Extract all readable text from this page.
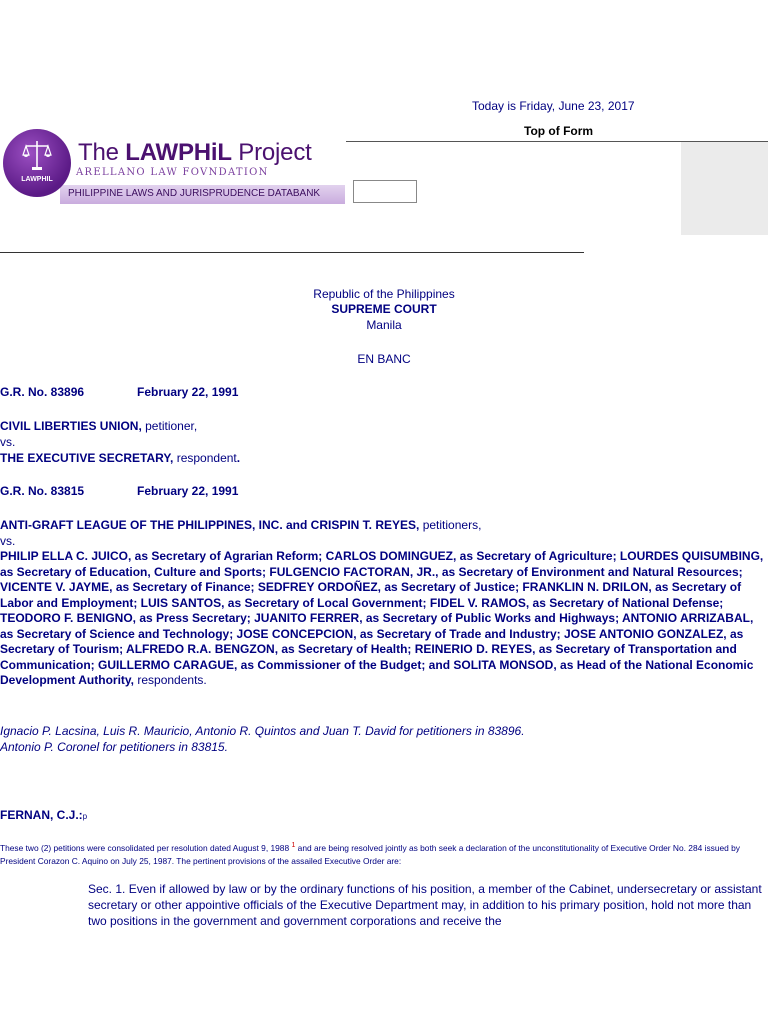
Today is Friday, June 23, 2017
Top of Form
PHILIPPINE LAWS AND JURISPRUDENCE DATABANK
LAWPHIL
The LAWPHiL Project
ARELLANO LAW FOVNDATION
Republic of the Philippines
SUPREME COURT
Manila
EN BANC
G.R. No. 83896	February 22, 1991
CIVIL LIBERTIES UNION, petitioner,
vs.
THE EXECUTIVE SECRETARY, respondent.
G.R. No. 83815	February 22, 1991
ANTI-GRAFT LEAGUE OF THE PHILIPPINES, INC. and CRISPIN T. REYES, petitioners,
vs.
PHILIP ELLA C. JUICO, as Secretary of Agrarian Reform; CARLOS DOMINGUEZ, as Secretary of Agriculture; LOURDES QUISUMBING, as Secretary of Education, Culture and Sports; FULGENCIO FACTORAN, JR., as Secretary of Environment and Natural Resources; VICENTE V. JAYME, as Secretary of Finance; SEDFREY ORDOÑEZ, as Secretary of Justice; FRANKLIN N. DRILON, as Secretary of Labor and Employment; LUIS SANTOS, as Secretary of Local Government; FIDEL V. RAMOS, as Secretary of National Defense; TEODORO F. BENIGNO, as Press Secretary; JUANITO FERRER, as Secretary of Public Works and Highways; ANTONIO ARRIZABAL, as Secretary of Science and Technology; JOSE CONCEPCION, as Secretary of Trade and Industry; JOSE ANTONIO GONZALEZ, as Secretary of Tourism; ALFREDO R.A. BENGZON, as Secretary of Health; REINERIO D. REYES, as Secretary of Transportation and Communication; GUILLERMO CARAGUE, as Commissioner of the Budget; and SOLITA MONSOD, as Head of the National Economic Development Authority, respondents.
Ignacio P. Lacsina, Luis R. Mauricio, Antonio R. Quintos and Juan T. David for petitioners in 83896.
Antonio P. Coronel for petitioners in 83815.
FERNAN, C.J.:p
These two (2) petitions were consolidated per resolution dated August 9, 1988 $^1$ and are being resolved jointly as both seek a declaration of the unconstitutionality of Executive Order No. 284 issued by President Corazon C. Aquino on July 25, 1987. The pertinent provisions of the assailed Executive Order are:
Sec. 1. Even if allowed by law or by the ordinary functions of his position, a member of the Cabinet, undersecretary or assistant secretary or other appointive officials of the Executive Department may, in addition to his primary position, hold not more than two positions in the government and government corporations and receive the
